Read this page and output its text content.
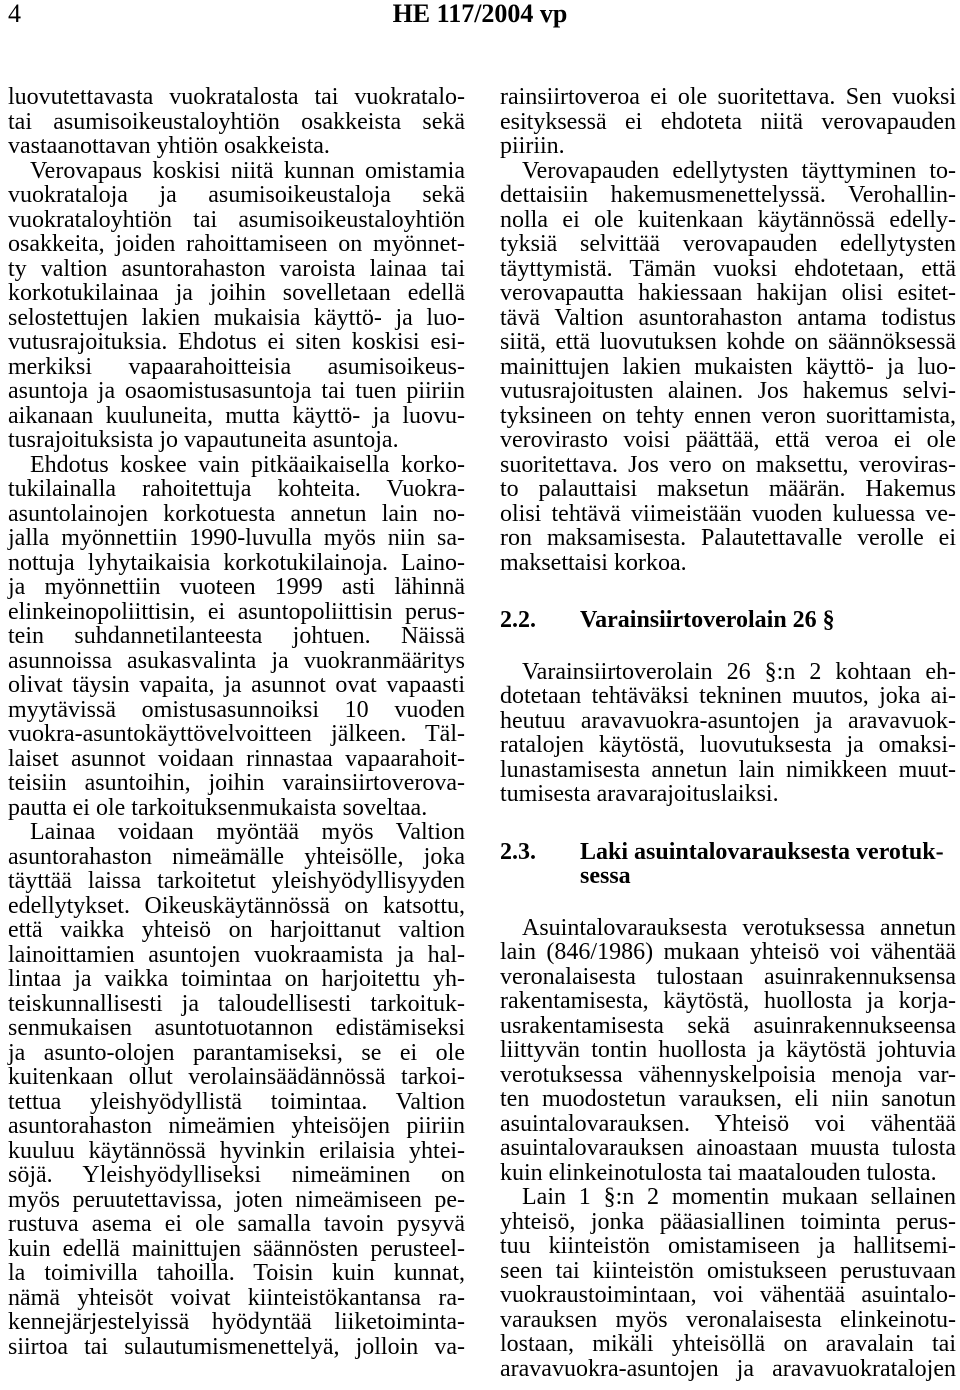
4	HE 117/2004 vp
luovutettavasta vuokratalosta tai vuokratalo-
tai asumisoikeustaloyhtiön osakkeista sekä
vastaanottavan yhtiön osakkeista.
Verovapaus koskisi niitä kunnan omistamia
vuokrataloja ja asumisoikeustaloja sekä
vuokrataloyhtiön tai asumisoikeustaloyhtiön
osakkeita, joiden rahoittamiseen on myönnet-
ty valtion asuntorahaston varoista lainaa tai
korkotukilainaa ja joihin sovelletaan edellä
selostettujen lakien mukaisia käyttö- ja luo-
vutusrajoituksia. Ehdotus ei siten koskisi esi-
merkiksi vapaarahoitteisia asumisoikeus-
asuntoja ja osaomistusasuntoja tai tuen piiriin
aikanaan kuuluneita, mutta käyttö- ja luovu-
tusrajoituksista jo vapautuneita asuntoja.
Ehdotus koskee vain pitkäaikaisella korko-
tukilainalla rahoitettuja kohteita. Vuokra-
asuntolainojen korkotuesta annetun lain no-
jalla myönnettiin 1990-luvulla myös niin sa-
nottuja lyhytaikaisia korkotukilainoja. Laino-
ja myönnettiin vuoteen 1999 asti lähinnä
elinkeinopoliittisin, ei asuntopoliittisin perus-
tein suhdannetilanteesta johtuen. Näissä
asunnoissa asukasvalinta ja vuokranmääritys
olivat täysin vapaita, ja asunnot ovat vapaasti
myytävissä omistusasunnoiksi 10 vuoden
vuokra-asuntokäyttövelvoitteen jälkeen. Täl-
laiset asunnot voidaan rinnastaa vapaarahoit-
teisiin asuntoihin, joihin varainsiirtoverova-
pautta ei ole tarkoituksenmukaista soveltaa.
Lainaa voidaan myöntää myös Valtion
asuntorahaston nimeämälle yhteisölle, joka
täyttää laissa tarkoitetut yleishyödyllisyyden
edellytykset. Oikeuskäytännössä on katsottu,
että vaikka yhteisö on harjoittanut valtion
lainoittamien asuntojen vuokraamista ja hal-
lintaa ja vaikka toimintaa on harjoitettu yh-
teiskunnallisesti ja taloudellisesti tarkoituk-
senmukaisen asuntotuotannon edistämiseksi
ja asunto-olojen parantamiseksi, se ei ole
kuitenkaan ollut verolainsäädännössä tarkoi-
tettua yleishyödyllistä toimintaa. Valtion
asuntorahaston nimeämien yhteisöjen piiriin
kuuluu käytännössä hyvinkin erilaisia yhtei-
söjä. Yleishyödylliseksi nimeäminen on
myös peruutettavissa, joten nimeämiseen pe-
rustuva asema ei ole samalla tavoin pysyvä
kuin edellä mainittujen säännösten perusteel-
la toimivilla tahoilla. Toisin kuin kunnat,
nämä yhteisöt voivat kiinteistökantansa ra-
kennejärjestelyissä hyödyntää liiketoiminta-
siirtoa tai sulautumismenettelyä, jolloin va-
rainsiirtoveroa ei ole suoritettava. Sen vuoksi
esityksessä ei ehdoteta niitä verovapauden
piiriin.
Verovapauden edellytysten täyttyminen to-
dettaisiin hakemusmenettelyssä. Verohallin-
nolla ei ole kuitenkaan käytännössä edelly-
tyksiä selvittää verovapauden edellytysten
täyttymistä. Tämän vuoksi ehdotetaan, että
verovapautta hakiessaan hakijan olisi esitet-
tävä Valtion asuntorahaston antama todistus
siitä, että luovutuksen kohde on säännöksessä
mainittujen lakien mukaisten käyttö- ja luo-
vutusrajoitusten alainen. Jos hakemus selvi-
tyksineen on tehty ennen veron suorittamista,
verovirasto voisi päättää, että veroa ei ole
suoritettava. Jos vero on maksettu, veroviras-
to palauttaisi maksetun määrän. Hakemus
olisi tehtävä viimeistään vuoden kuluessa ve-
ron maksamisesta. Palautettavalle verolle ei
maksettaisi korkoa.
2.2.	Varainsiirtoverolain 26 §
Varainsiirtoverolain 26 §:n 2 kohtaan eh-
dotetaan tehtäväksi tekninen muutos, joka ai-
heutuu aravavuokra-asuntojen ja aravavuok-
ratalojen käytöstä, luovutuksesta ja omaksi-
lunastamisesta annetun lain nimikkeen muut-
tumisesta aravarajoituslaiksi.
2.3.	Laki asuintalovarauksesta verotuk-
sessa
Asuintalovarauksesta verotuksessa annetun
lain (846/1986) mukaan yhteisö voi vähentää
veronalaisesta tulostaan asuinrakennuksensa
rakentamisesta, käytöstä, huollosta ja korja-
usrakentamisesta sekä asuinrakennukseensa
liittyvän tontin huollosta ja käytöstä johtuvia
verotuksessa vähennyskelpoisia menoja var-
ten muodostetun varauksen, eli niin sanotun
asuintalovarauksen. Yhteisö voi vähentää
asuintalovarauksen ainoastaan muusta tulosta
kuin elinkeinotulosta tai maatalouden tulosta.
Lain 1 §:n 2 momentin mukaan sellainen
yhteisö, jonka pääasiallinen toiminta perus-
tuu kiinteistön omistamiseen ja hallitsemi-
seen tai kiinteistön omistukseen perustuvaan
vuokraustoimintaan, voi vähentää asuintalo-
varauksen myös veronalaisesta elinkeinotu-
lostaan, mikäli yhteisöllä on aravalain tai
aravavuokra-asuntojen ja aravavuokratalojen
